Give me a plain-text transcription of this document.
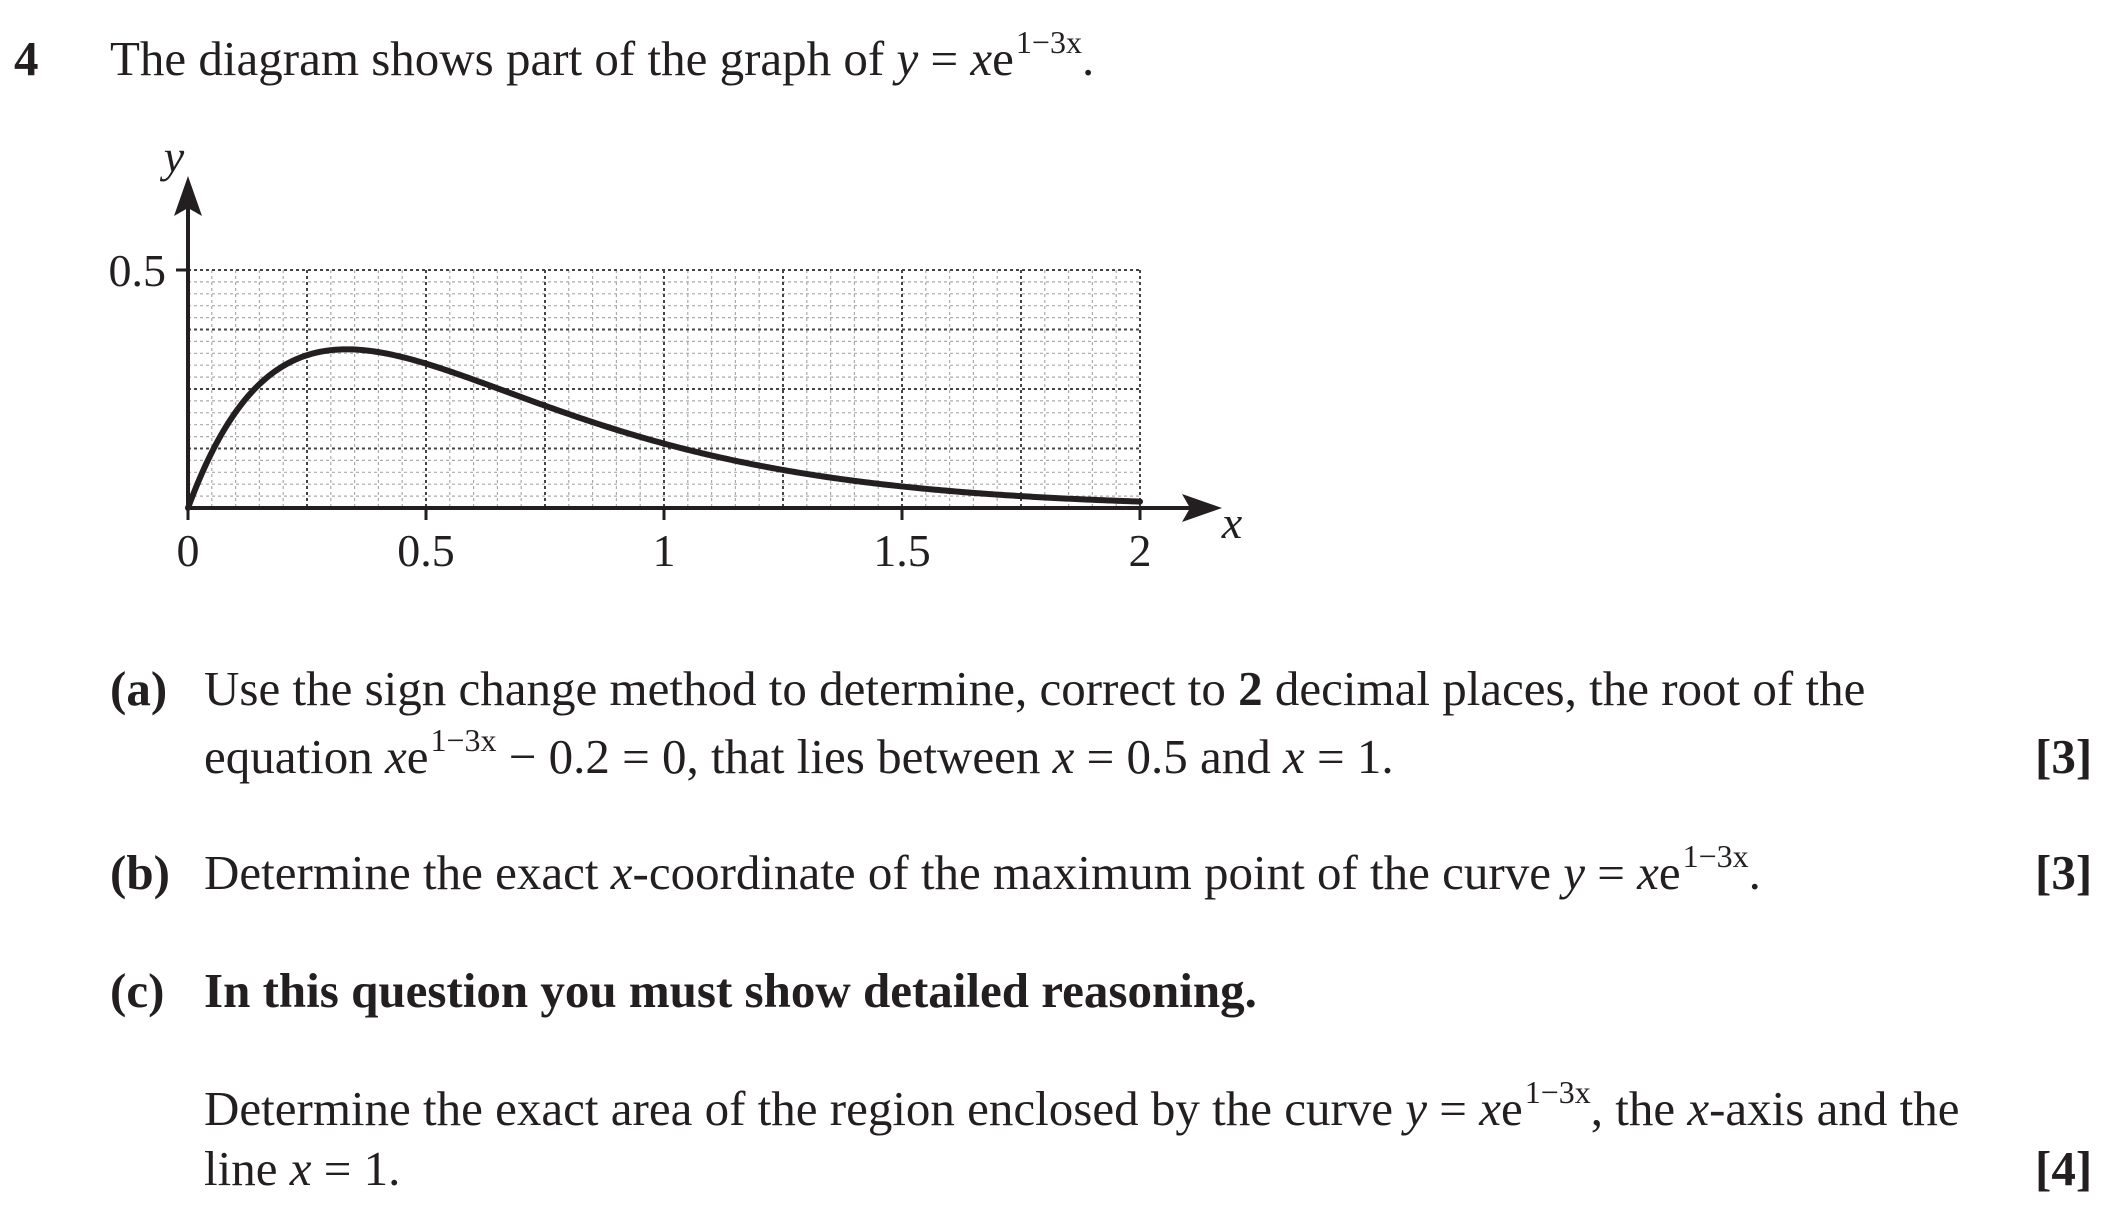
4 The diagram shows part of the graph of $y = xe^{1-3x}$.
y
x
0.5
0	0.5	1	1.5	2
(a) Use the sign change method to determine, correct to 2 decimal places, the root of the
equation $xe^{1-3x} - 0.2 = 0$, that lies between x = 0.5 and x = 1.	[3]
(b) Determine the exact x-coordinate of the maximum point of the curve $y = xe^{1-3x}$.	[3]
(c) In this question you must show detailed reasoning.
Determine the exact area of the region enclosed by the curve $y = xe^{1-3x}$, the x-axis and the
line x = 1.	[4]
